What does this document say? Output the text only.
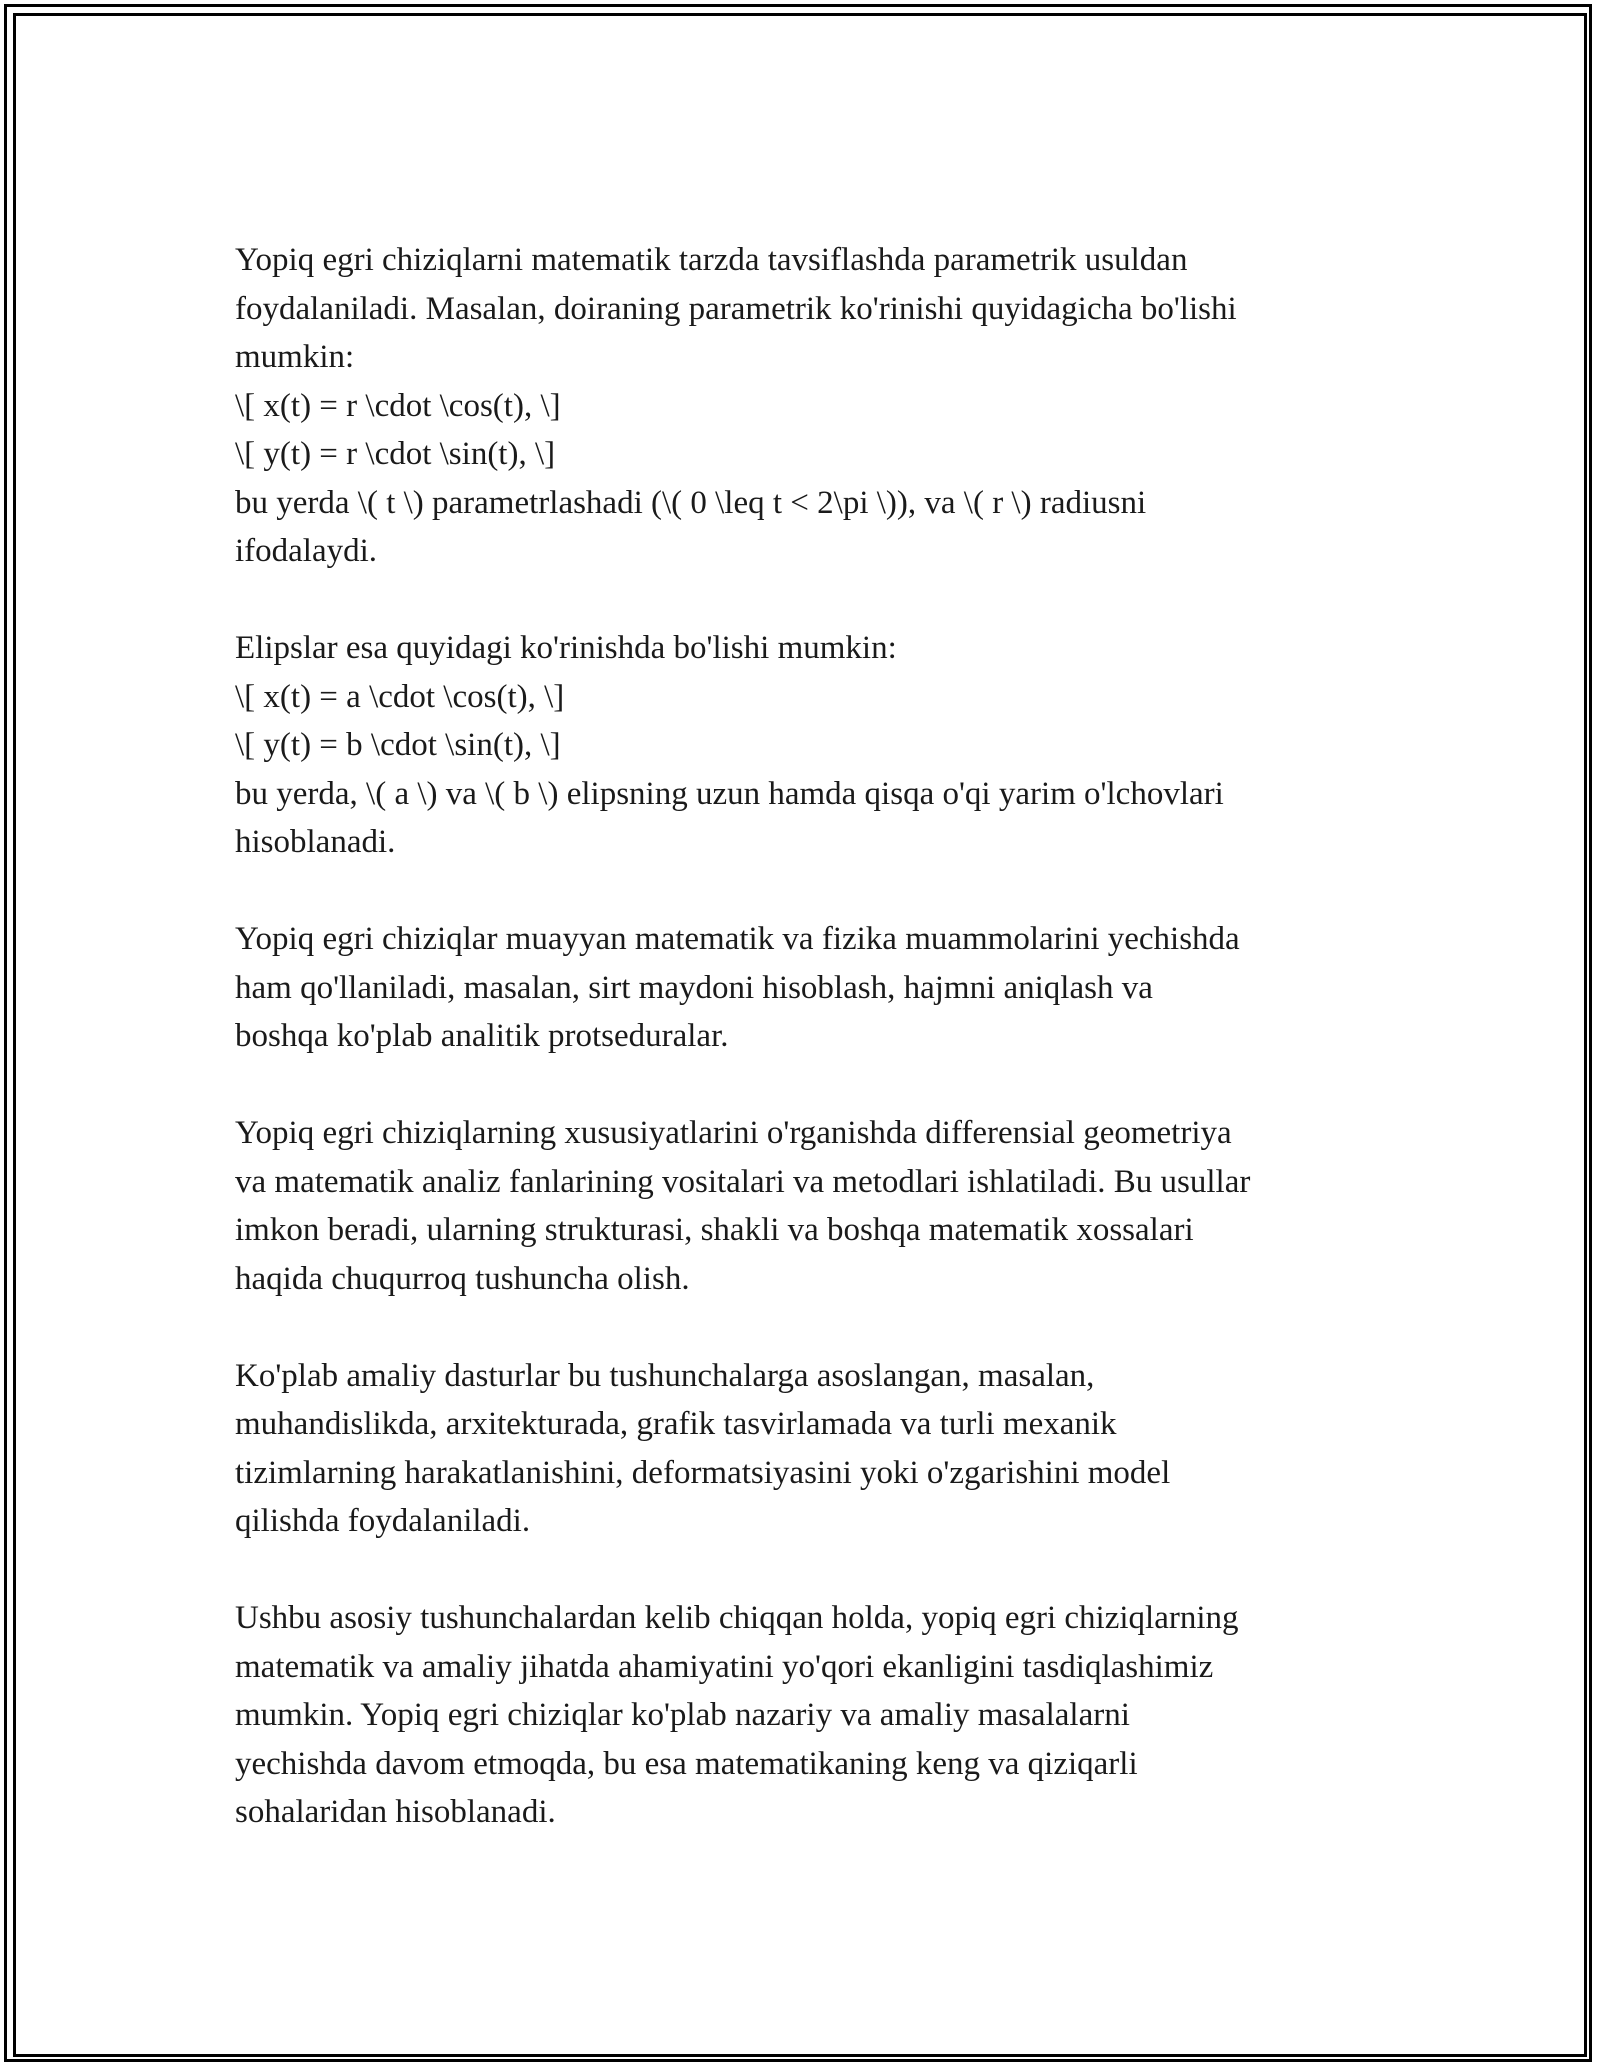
Yopiq egri chiziqlarni matematik tarzda tavsiflashda parametrik usuldan
foydalaniladi. Masalan, doiraning parametrik ko'rinishi quyidagicha bo'lishi
mumkin:
\[ x(t) = r \cdot \cos(t), \]
\[ y(t) = r \cdot \sin(t), \]
bu yerda \( t \) parametrlashadi (\( 0 \leq t < 2\pi \)), va \( r \) radiusni
ifodalaydi.

Elipslar esa quyidagi ko'rinishda bo'lishi mumkin:
\[ x(t) = a \cdot \cos(t), \]
\[ y(t) = b \cdot \sin(t), \]
bu yerda, \( a \) va \( b \) elipsning uzun hamda qisqa o'qi yarim o'lchovlari
hisoblanadi.

Yopiq egri chiziqlar muayyan matematik va fizika muammolarini yechishda
ham qo'llaniladi, masalan, sirt maydoni hisoblash, hajmni aniqlash va
boshqa ko'plab analitik protseduralar.

Yopiq egri chiziqlarning xususiyatlarini o'rganishda differensial geometriya
va matematik analiz fanlarining vositalari va metodlari ishlatiladi. Bu usullar
imkon beradi, ularning strukturasi, shakli va boshqa matematik xossalari
haqida chuqurroq tushuncha olish.

Ko'plab amaliy dasturlar bu tushunchalarga asoslangan, masalan,
muhandislikda, arxitekturada, grafik tasvirlamada va turli mexanik
tizimlarning harakatlanishini, deformatsiyasini yoki o'zgarishini model
qilishda foydalaniladi.

Ushbu asosiy tushunchalardan kelib chiqqan holda, yopiq egri chiziqlarning
matematik va amaliy jihatda ahamiyatini yo'qori ekanligini tasdiqlashimiz
mumkin. Yopiq egri chiziqlar ko'plab nazariy va amaliy masalalarni
yechishda davom etmoqda, bu esa matematikaning keng va qiziqarli
sohalaridan hisoblanadi.
